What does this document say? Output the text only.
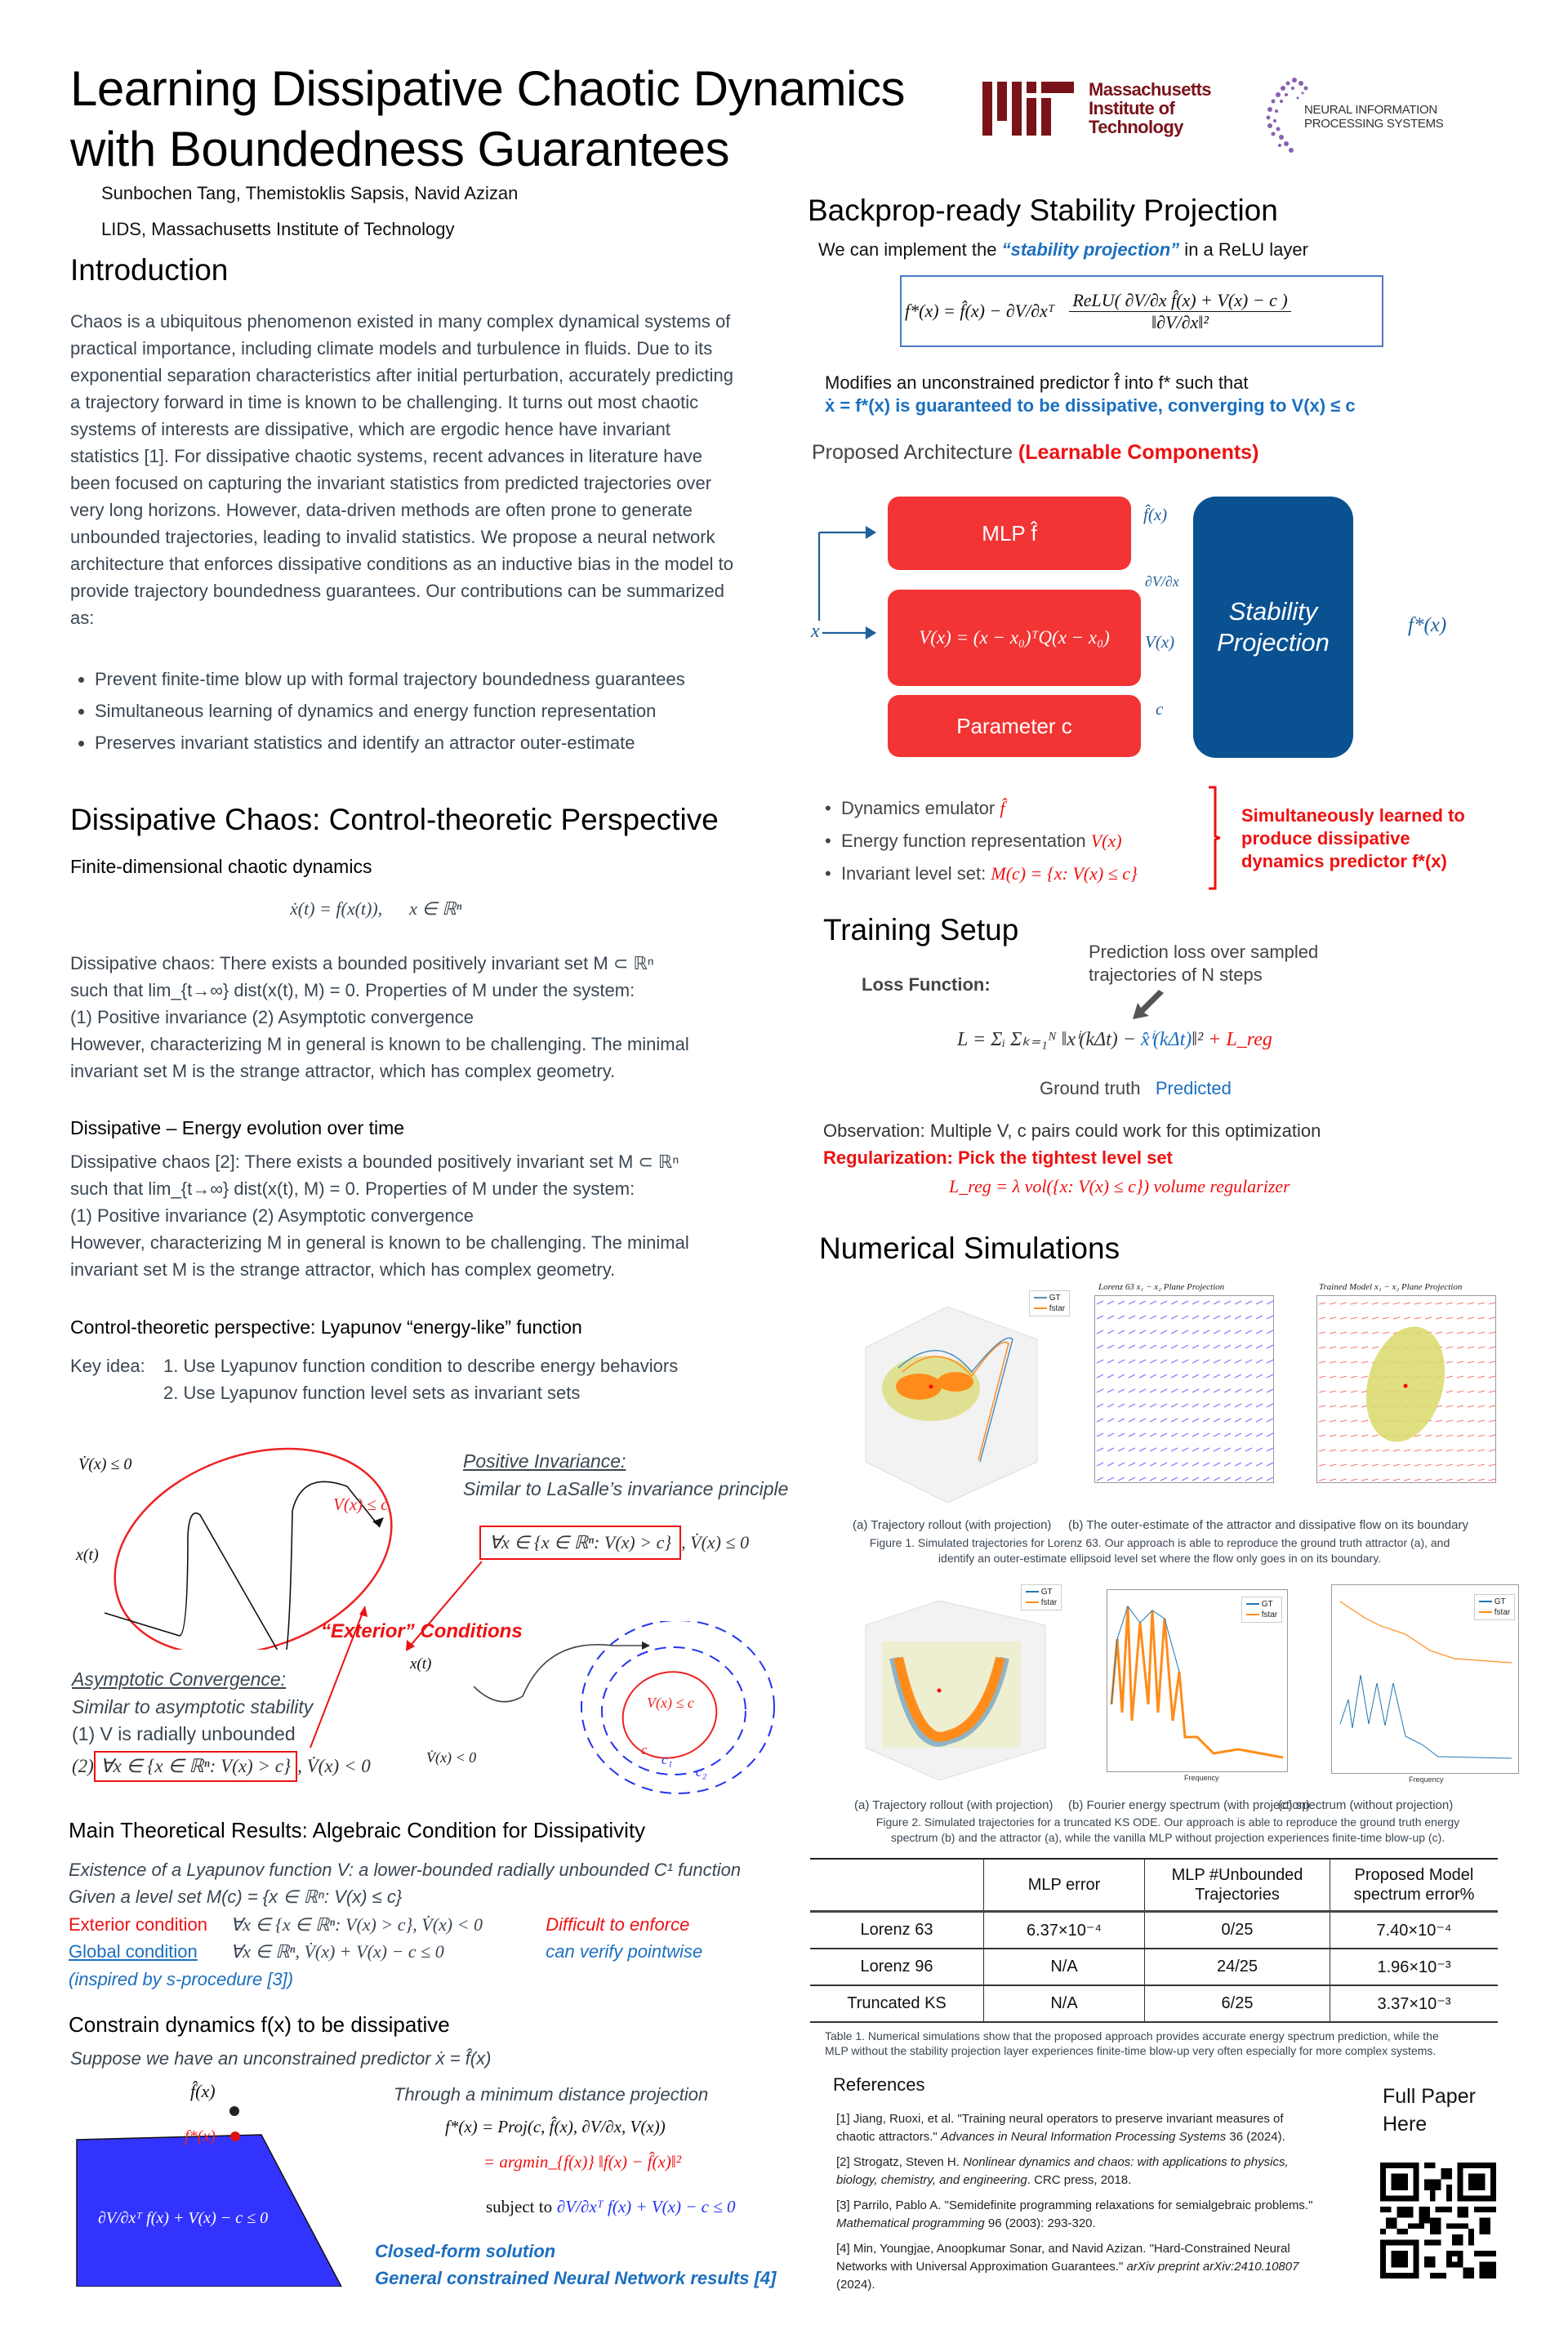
Learning Dissipative Chaotic Dynamics
with Boundedness Guarantees
Sunbochen Tang, Themistoklis Sapsis, Navid Azizan
LIDS, Massachusetts Institute of Technology
Massachusetts
Institute of
Technology
NEURAL INFORMATION
PROCESSING SYSTEMS
Introduction
Chaos is a ubiquitous phenomenon existed in many complex dynamical systems of practical importance, including climate models and turbulence in fluids. Due to its exponential separation characteristics after initial perturbation, accurately predicting a trajectory forward in time is known to be challenging. It turns out most chaotic systems of interests are dissipative, which are ergodic hence have invariant statistics [1]. For dissipative chaotic systems, recent advances in literature have been focused on capturing the invariant statistics from predicted trajectories over very long horizons. However, data-driven methods are often prone to generate unbounded trajectories, leading to invalid statistics. We propose a neural network architecture that enforces dissipative conditions as an inductive bias in the model to provide trajectory boundedness guarantees. Our contributions can be summarized as:
• Prevent finite-time blow up with formal trajectory boundedness guarantees
• Simultaneous learning of dynamics and energy function representation
• Preserves invariant statistics and identify an attractor outer-estimate
Dissipative Chaos: Control-theoretic Perspective
Finite-dimensional chaotic dynamics
ẋ(t) = f(x(t)),      x ∈ ℝⁿ
Dissipative chaos: There exists a bounded positively invariant set M ⊂ ℝⁿ
such that lim_{t→∞} dist(x(t), M) = 0. Properties of M under the system:
(1) Positive invariance (2) Asymptotic convergence
However, characterizing M in general is known to be challenging. The minimal
invariant set M is the strange attractor, which has complex geometry.
Dissipative – Energy evolution over time
Dissipative chaos [2]: There exists a bounded positively invariant set M ⊂ ℝⁿ
such that lim_{t→∞} dist(x(t), M) = 0. Properties of M under the system:
(1) Positive invariance (2) Asymptotic convergence
However, characterizing M in general is known to be challenging. The minimal
invariant set M is the strange attractor, which has complex geometry.
Control-theoretic perspective: Lyapunov “energy-like” function
Key idea:	1. Use Lyapunov function condition to describe energy behaviors
2. Use Lyapunov function level sets as invariant sets
V̇(x) ≤ 0
x(t)
V(x) ≤ c
Positive Invariance:
Similar to LaSalle’s invariance principle
∀x ∈ {x ∈ ℝⁿ: V(x) > c} , V̇(x) ≤ 0
“Exterior” Conditions
Asymptotic Convergence:
Similar to asymptotic stability
(1) V is radially unbounded
(2) ∀x ∈ {x ∈ ℝⁿ: V(x) > c} , V̇(x) < 0
x(t)
V̇(x) < 0
V(x) ≤ c
c
c₁
c₂
Main Theoretical Results: Algebraic Condition for Dissipativity
Existence of a Lyapunov function V: a lower-bounded radially unbounded C¹ function
Given a level set M(c) = {x ∈ ℝⁿ: V(x) ≤ c}
Exterior condition ∀x ∈ {x ∈ ℝⁿ: V(x) > c}, V̇(x) < 0	Difficult to enforce
Global condition ∀x ∈ ℝⁿ, V̇(x) + V(x) − c ≤ 0	can verify pointwise
(inspired by s-procedure [3])
Constrain dynamics f(x) to be dissipative
Suppose we have an unconstrained predictor ẋ = f̂(x)
f̂(x)
f*(x)
∂V/∂xᵀ f(x) + V(x) − c ≤ 0
Through a minimum distance projection
f*(x) = Proj(c, f̂(x), ∂V/∂x, V(x))
= argmin_{f(x)} ‖f(x) − f̂(x)‖²
subject to ∂V/∂xᵀ f(x) + V(x) − c ≤ 0
Closed-form solution
General constrained Neural Network results [4]
Backprop-ready Stability Projection
We can implement the “stability projection” in a ReLU layer
f*(x) = f̂(x) − ∂V/∂xᵀ
ReLU( ∂V/∂x f̂(x) + V(x) − c )
‖∂V/∂x‖²
Modifies an unconstrained predictor f̂ into f* such that
ẋ = f*(x) is guaranteed to be dissipative, converging to V(x) ≤ c
Proposed Architecture (Learnable Components)
x
MLP f̂
V(x) = (x − x₀)ᵀQ(x − x₀)
Parameter c
Stability
Projection
f̂(x)
∂V/∂x
V(x)
c
f*(x)
•  Dynamics emulator f̂
•  Energy function representation V(x)
•  Invariant level set: M(c) = {x: V(x) ≤ c}
Simultaneously learned to
produce dissipative
dynamics predictor f*(x)
Training Setup
Loss Function:
Prediction loss over sampled
trajectories of N steps
L = Σᵢ Σₖ₌₁ᴺ ‖xⁱ(kΔt) − x̂ⁱ(kΔt)‖² + L_reg
Ground truth Predicted
Observation: Multiple V, c pairs could work for this optimization
Regularization: Pick the tightest level set
L_reg = λ vol({x: V(x) ≤ c}) volume regularizer
Numerical Simulations
GT
fstar
Lorenz 63 x₁ − x₂ Plane Projection	Trained Model x₁ − x₂ Plane Projection
(a) Trajectory rollout (with projection) (b) The outer-estimate of the attractor and dissipative flow on its boundary
Figure 1. Simulated trajectories for Lorenz 63. Our approach is able to reproduce the ground truth attractor (a), and
identify an outer-estimate ellipsoid level set where the flow only goes in on its boundary.
GT
fstar	GT
fstar
Frequency
GT
fstar
Frequency
(a) Trajectory rollout (with projection) (b) Fourier energy spectrum (with projection)
(c) spectrum (without projection)
Figure 2. Simulated trajectories for a truncated KS ODE. Our approach is able to reproduce the ground truth energy
spectrum (b) and the attractor (a), while the vanilla MLP without projection experiences finite-time blow-up (c).
	MLP error	MLP #Unbounded Trajectories	Proposed Model spectrum error%
Lorenz 63	6.37×10⁻⁴	0/25	7.40×10⁻⁴
Lorenz 96	N/A	24/25	1.96×10⁻³
Truncated KS	N/A	6/25	3.37×10⁻³
Table 1. Numerical simulations show that the proposed approach provides accurate energy spectrum prediction, while the
MLP without the stability projection layer experiences finite-time blow-up very often especially for more complex systems.
References
[1] Jiang, Ruoxi, et al. "Training neural operators to preserve invariant measures of chaotic attractors." Advances in Neural Information Processing Systems 36 (2024).
[2] Strogatz, Steven H. Nonlinear dynamics and chaos: with applications to physics, biology, chemistry, and engineering. CRC press, 2018.
[3] Parrilo, Pablo A. "Semidefinite programming relaxations for semialgebraic problems." Mathematical programming 96 (2003): 293-320.
[4] Min, Youngjae, Anoopkumar Sonar, and Navid Azizan. "Hard-Constrained Neural Networks with Universal Approximation Guarantees." arXiv preprint arXiv:2410.10807 (2024).
Full Paper
Here
